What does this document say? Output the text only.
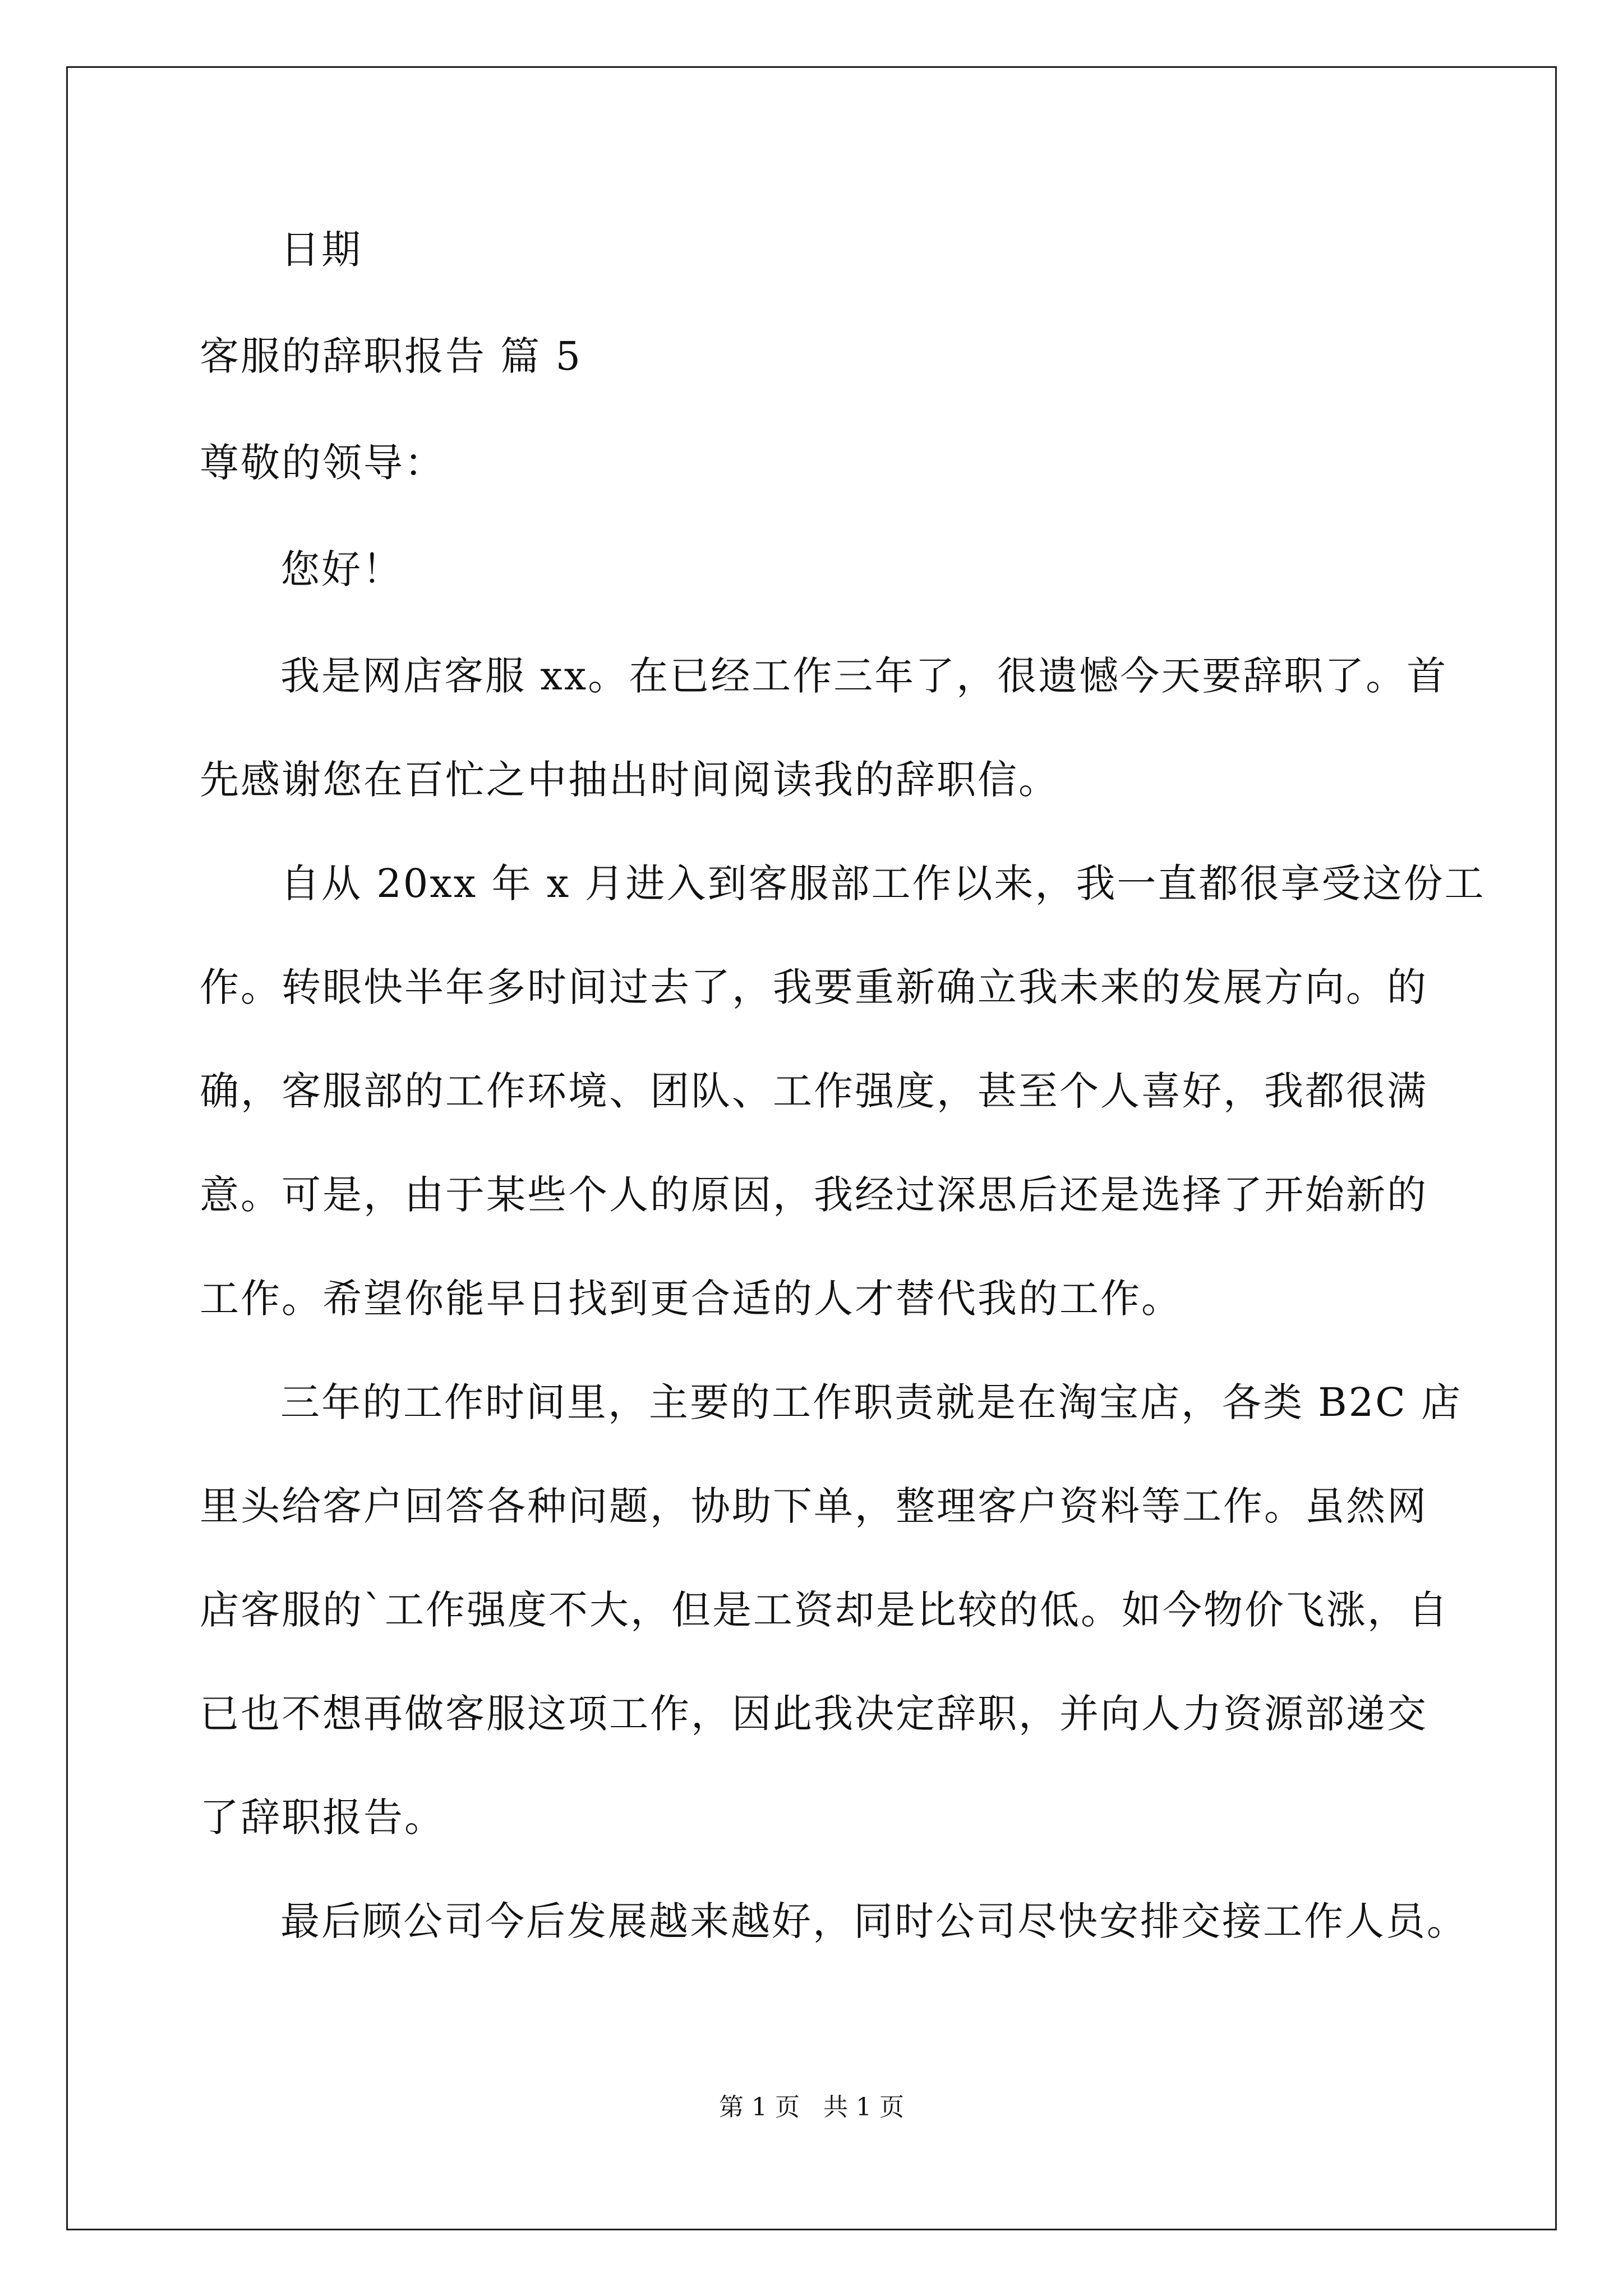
日期
客服的辞职报告 篇 5
尊敬的领导：
您好！
我是网店客服 xx。在已经工作三年了，很遗憾今天要辞职了。首
先感谢您在百忙之中抽出时间阅读我的辞职信。
自从 20xx 年 x 月进入到客服部工作以来，我一直都很享受这份工
作。转眼快半年多时间过去了，我要重新确立我未来的发展方向。的
确，客服部的工作环境、团队、工作强度，甚至个人喜好，我都很满
意。可是，由于某些个人的原因，我经过深思后还是选择了开始新的
工作。希望你能早日找到更合适的人才替代我的工作。
三年的工作时间里，主要的工作职责就是在淘宝店，各类 B2C 店
里头给客户回答各种问题，协助下单，整理客户资料等工作。虽然网
店客服的`工作强度不大，但是工资却是比较的低。如今物价飞涨，自
已也不想再做客服这项工作，因此我决定辞职，并向人力资源部递交
了辞职报告。
最后顾公司今后发展越来越好，同时公司尽快安排交接工作人员。
第 1 页   共 1 页
